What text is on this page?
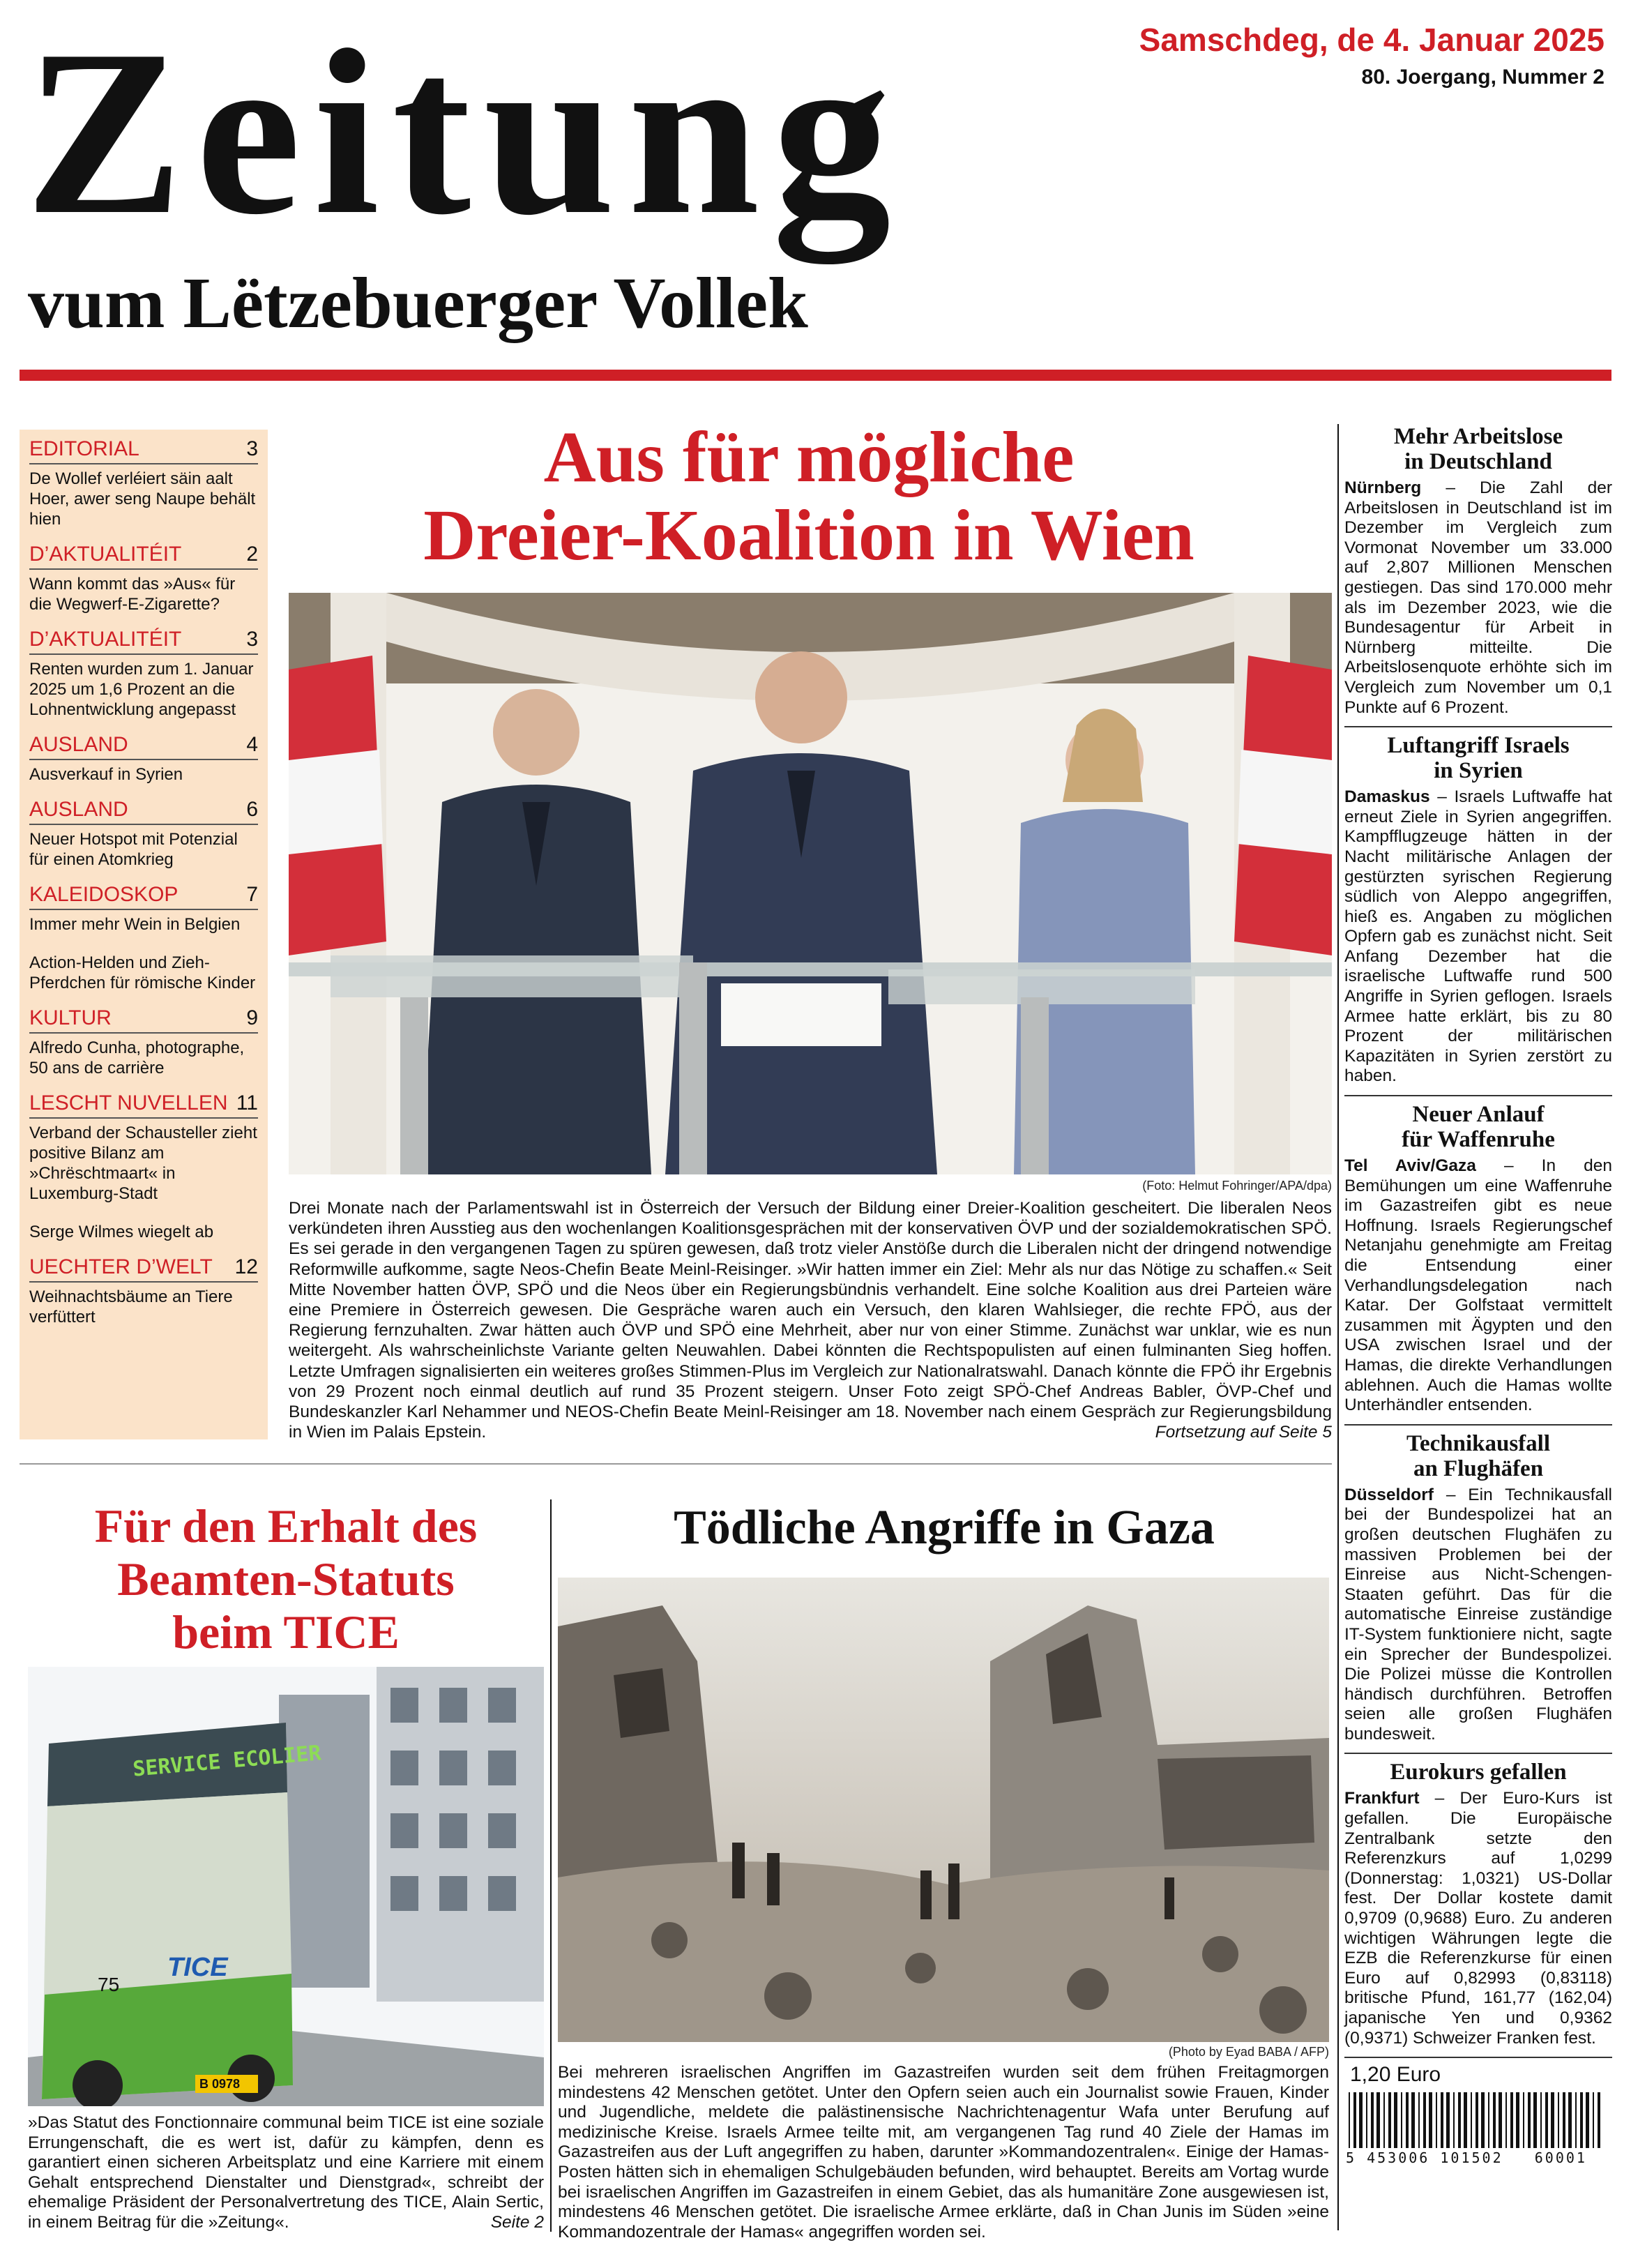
Zeitung
vum Lëtzebuerger Vollek
Samschdeg, de 4. Januar 2025
80. Joergang, Nummer 2
EDITORIAL	3
De Wollef verléiert säin aalt Hoer, awer seng Naupe behält hien
D’AKTUALITÉIT	2
Wann kommt das »Aus« für die Wegwerf-E-Zigarette?
D’AKTUALITÉIT	3
Renten wurden zum 1. Januar 2025 um 1,6 Prozent an die Lohnentwicklung angepasst
AUSLAND	4
Ausverkauf in Syrien
AUSLAND	6
Neuer Hotspot mit Potenzial für einen Atomkrieg
KALEIDOSKOP	7
Immer mehr Wein in Belgien
Action-Helden und Zieh-Pferdchen für römische Kinder
KULTUR	9
Alfredo Cunha, photographe, 50 ans de carrière
LESCHT NUVELLEN 11
Verband der Schausteller zieht positive Bilanz am »Chrëschtmaart« in Luxemburg-Stadt
Serge Wilmes wiegelt ab
UECHTER D’WELT 12
Weihnachtsbäume an Tiere verfüttert
Aus für mögliche
Dreier-Koalition in Wien
(Foto: Helmut Fohringer/APA/dpa)
Drei Monate nach der Parlamentswahl ist in Österreich der Versuch der Bildung einer Dreier-Koalition gescheitert. Die liberalen Neos verkündeten ihren Ausstieg aus den wochenlangen Koalitionsgesprächen mit der konservativen ÖVP und der sozialdemokratischen SPÖ. Es sei gerade in den vergangenen Tagen zu spüren gewesen, daß trotz vieler Anstöße durch die Liberalen nicht der dringend notwendige Reformwille aufkomme, sagte Neos-Chefin Beate Meinl-Reisinger. »Wir hatten immer ein Ziel: Mehr als nur das Nötige zu schaffen.« Seit Mitte November hatten ÖVP, SPÖ und die Neos über ein Regierungsbündnis verhandelt. Eine solche Koalition aus drei Parteien wäre eine Premiere in Österreich gewesen. Die Gespräche waren auch ein Versuch, den klaren Wahlsieger, die rechte FPÖ, aus der Regierung fernzuhalten. Zwar hätten auch ÖVP und SPÖ eine Mehrheit, aber nur von einer Stimme. Zunächst war unklar, wie es nun weitergeht. Als wahrscheinlichste Variante gelten Neuwahlen. Dabei könnten die Rechtspopulisten auf einen fulminanten Sieg hoffen. Letzte Umfragen signalisierten ein weiteres großes Stimmen-Plus im Vergleich zur Nationalratswahl. Danach könnte die FPÖ ihr Ergebnis von 29 Prozent noch einmal deutlich auf rund 35 Prozent steigern. Unser Foto zeigt SPÖ-Chef Andreas Babler, ÖVP-Chef und Bundeskanzler Karl Nehammer und NEOS-Chefin Beate Meinl-Reisinger am 18. November nach einem Gespräch zur Regierungsbildung in Wien im Palais Epstein.	Fortsetzung auf Seite 5
Mehr Arbeitslose
in Deutschland

Nürnberg – Die Zahl der Arbeitslosen in Deutschland ist im Dezember im Vergleich zum Vormonat November um 33.000 auf 2,807 Millionen Menschen gestiegen. Das sind 170.000 mehr als im Dezember 2023, wie die Bundesagentur für Arbeit in Nürnberg mitteilte. Die Arbeitslosenquote erhöhte sich im Vergleich zum November um 0,1 Punkte auf 6 Prozent.

Luftangriff Israels
in Syrien

Damaskus – Israels Luftwaffe hat erneut Ziele in Syrien angegriffen. Kampfflugzeuge hätten in der Nacht militärische Anlagen der gestürzten syrischen Regierung südlich von Aleppo angegriffen, hieß es. Angaben zu möglichen Opfern gab es zunächst nicht. Seit Anfang Dezember hat die israelische Luftwaffe rund 500 Angriffe in Syrien geflogen. Israels Armee hatte erklärt, bis zu 80 Prozent der militärischen Kapazitäten in Syrien zerstört zu haben.

Neuer Anlauf
für Waffenruhe

Tel Aviv/Gaza – In den Bemühungen um eine Waffenruhe im Gazastreifen gibt es neue Hoffnung. Israels Regierungschef Netanjahu genehmigte am Freitag die Entsendung einer Verhandlungsdelegation nach Katar. Der Golfstaat vermittelt zusammen mit Ägypten und den USA zwischen Israel und der Hamas, die direkte Verhandlungen ablehnen. Auch die Hamas wollte Unterhändler entsenden.

Technikausfall
an Flughäfen

Düsseldorf – Ein Technikausfall bei der Bundespolizei hat an großen deutschen Flughäfen zu massiven Problemen bei der Einreise aus Nicht-Schengen-Staaten geführt. Das für die automatische Einreise zuständige IT-System funktioniere nicht, sagte ein Sprecher der Bundespolizei. Die Polizei müsse die Kontrollen händisch durchführen. Betroffen seien alle großen Flughäfen bundesweit.

Eurokurs gefallen

Frankfurt – Der Euro-Kurs ist gefallen. Die Europäische Zentralbank setzte den Referenzkurs auf 1,0299 (Donnerstag: 1,0321) US-Dollar fest. Der Dollar kostete damit 0,9709 (0,9688) Euro. Zu anderen wichtigen Währungen legte die EZB die Referenzkurse für einen Euro auf 0,82993 (0,83118) britische Pfund, 161,77 (162,04) japanische Yen und 0,9362 (0,9371) Schweizer Franken fest.

1,20 Euro
5 453006 101502   60001
Für den Erhalt des
Beamten-Statuts
beim TICE
SERVICE ECOLIER
TICE
75
B 0978
»Das Statut des Fonctionnaire communal beim TICE ist eine soziale Errungenschaft, die es wert ist, dafür zu kämpfen, denn es garantiert einen sicheren Arbeitsplatz und eine Karriere mit einem Gehalt entsprechend Dienstalter und Dienstgrad«, schreibt der ehemalige Präsident der Personalvertretung des TICE, Alain Sertic, in einem Beitrag für die »Zeitung«.	Seite 2
Tödliche Angriffe in Gaza
(Photo by Eyad BABA / AFP)
Bei mehreren israelischen Angriffen im Gazastreifen wurden seit dem frühen Freitagmorgen mindestens 42 Menschen getötet. Unter den Opfern seien auch ein Journalist sowie Frauen, Kinder und Jugendliche, meldete die palästinensische Nachrichtenagentur Wafa unter Berufung auf medizinische Kreise. Israels Armee teilte mit, am vergangenen Tag rund 40 Ziele der Hamas im Gazastreifen aus der Luft angegriffen zu haben, darunter »Kommandozentralen«. Einige der Hamas-Posten hätten sich in ehemaligen Schulgebäuden befunden, wird behauptet. Bereits am Vortag wurde bei israelischen Angriffen im Gazastreifen in einem Gebiet, das als humanitäre Zone ausgewiesen ist, mindestens 46 Menschen getötet. Die israelische Armee erklärte, daß in Chan Junis im Süden »eine Kommandozentrale der Hamas« angegriffen worden sei.
